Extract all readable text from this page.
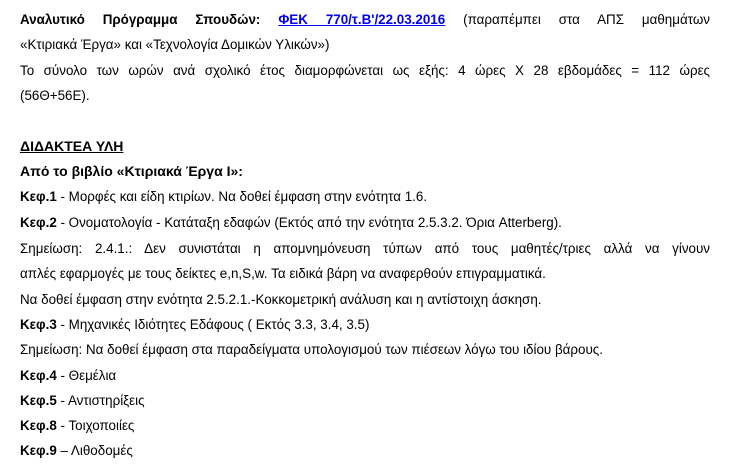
Αναλυτικό Πρόγραμμα Σπουδών: ΦΕΚ 770/τ.Β'/22.03.2016 (παραπέμπει στα ΑΠΣ μαθημάτων
«Κτιριακά Έργα» και «Τεχνολογία Δομικών Υλικών»)
Το σύνολο των ωρών ανά σχολικό έτος διαμορφώνεται ως εξής: 4 ώρες Χ 28 εβδομάδες = 112 ώρες
(56Θ+56Ε).
ΔΙΔΑΚΤΕΑ ΥΛΗ
Από το βιβλίο «Κτιριακά Έργα Ι»:
Κεφ.1 - Μορφές και είδη κτιρίων. Να δοθεί έμφαση στην ενότητα 1.6.
Κεφ.2 - Ονοματολογία - Κατάταξη εδαφών (Εκτός από την ενότητα 2.5.3.2. Όρια Atterberg).
Σημείωση: 2.4.1.: Δεν συνιστάται η απομνημόνευση τύπων από τους μαθητές/τριες αλλά να γίνουν
απλές εφαρμογές με τους δείκτες e,n,S,w. Τα ειδικά βάρη να αναφερθούν επιγραμματικά.
Να δοθεί έμφαση στην ενότητα 2.5.2.1.-Κοκκομετρική ανάλυση και η αντίστοιχη άσκηση.
Κεφ.3 - Μηχανικές Ιδιότητες Εδάφους ( Εκτός 3.3, 3.4, 3.5)
Σημείωση: Να δοθεί έμφαση στα παραδείγματα υπολογισμού των πιέσεων λόγω του ιδίου βάρους.
Κεφ.4 - Θεμέλια
Κεφ.5 - Αντιστηρίξεις
Κεφ.8 - Τοιχοποιίες
Κεφ.9 – Λιθοδομές
